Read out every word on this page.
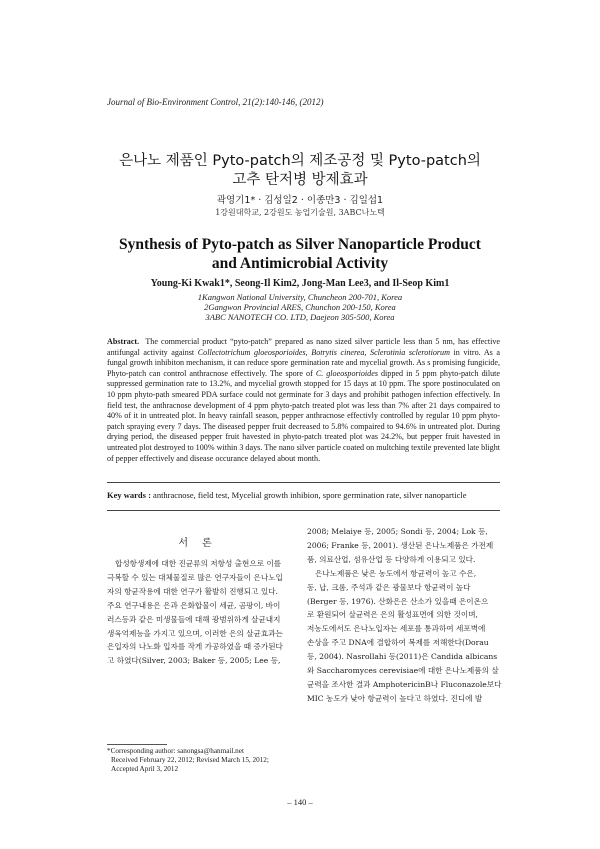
Journal of Bio-Environment Control, 21(2):140-146, (2012)
은나노 제품인 Pyto-patch의 제조공정 및 Pyto-patch의
고추 탄저병 방제효과
곽영기1* · 김성일2 · 이종만3 · 김일섭1
1강원대학교, 2강원도 농업기술원, 3ABC나노텍
Synthesis of Pyto-patch as Silver Nanoparticle Product
and Antimicrobial Activity
Young-Ki Kwak1*, Seong-Il Kim2, Jong-Man Lee3, and Il-Seop Kim1
1Kangwon National University, Chuncheon 200-701, Korea
2Gangwon Provincial ARES, Chunchon 200-150, Korea
3ABC NANOTECH CO. LTD, Daejeon 305-500, Korea
Abstract. The commercial product “pyto-patch” prepared as nano sized silver particle less than 5 nm, has effective antifungal activity against Collectotrichum gloeosporioides, Botrytis cinerea, Sclerotinia sclerotiorum in vitro. As a fungal growth inhibiton mechanism, it can reduce spore germination rate and mycelial growth. As s promising fungicide, Phyto-patch can control anthracnose effectively. The spore of C. gloeosporioides dipped in 5 ppm phyto-patch dilute suppressed germination rate to 13.2%, and mycelial growth stopped for 15 days at 10 ppm. The spore postinoculated on 10 ppm phyto-path smeared PDA surface could not germinate for 3 days and prohibit pathogen infection effectively. In field test, the anthracnose development of 4 ppm phyto-patch treated plot was less than 7% after 21 days compaired to 40% of it in untreated plot. In heavy rainfall season, pepper anthracnose effectivly controlled by regular 10 ppm phyto-patch spraying every 7 days. The diseased pepper fruit decreased to 5.8% compaired to 94.6% in untreated plot. During drying period, the diseased pepper fruit havested in phyto-patch treated plot was 24.2%, but pepper fruit havested in untreated plot destroyed to 100% within 3 days. The nano silver particle coated on multching textile prevented late blight of pepper effectively and disease occurance delayed about month.
Key wards : anthracnose, field test, Mycelial growth inhibion, spore germination rate, silver nanoparticle
서론
합성항생제에 대한 진균류의 저항성 출현으로 이를
극복할 수 있는 대체물질로 많은 연구자들이 은나노입
자의 항균작용에 대한 연구가 활발히 진행되고 있다.
주요 연구내용은 은과 은화합물이 세균, 곰팡이, 바이
러스등과 같은 미생물들에 대해 광범위하게 살균내지
생육억제능을 가지고 있으며, 이러한 은의 살균효과는
은입자의 나노화 입자를 작게 가공하였을 때 증가된다
고 하였다(Silver, 2003; Baker 등, 2005; Lee 등,
2008; Melaiye 등, 2005; Sondi 등, 2004; Lok 등,
2006; Franke 등, 2001). 생산된 은나노제품은 가전제
품, 의료산업, 섬유산업 등 다양하게 이용되고 있다.
은나노제품은 낮은 농도에서 항균력이 높고 수은,
동, 납, 크롬, 주석과 같은 광물보다 항균력이 높다
(Berger 등, 1976). 산화은은 산소가 있을때 은이온으
로 환원되어 살균력은 은의 활성표면에 의한 것이며,
저농도에서도 은나노입자는 세포를 통과하여 세포벽에
손상을 주고 DNA에 결합하여 복제를 저해한다(Dorau
등, 2004). Nasrollahi 등(2011)은 Candida albicans
와 Saccharomyces cerevisiae에 대한 은나노제품의 살
균력을 조사한 결과 AmphotericinB나 Fluconazole보다
MIC 농도가 낮아 항균력이 높다고 하였다. 진디에 발
*Corresponding author: sanongsa@hanmail.net
Received February 22, 2012; Revised March 15, 2012;
Accepted April 3, 2012
– 140 –
